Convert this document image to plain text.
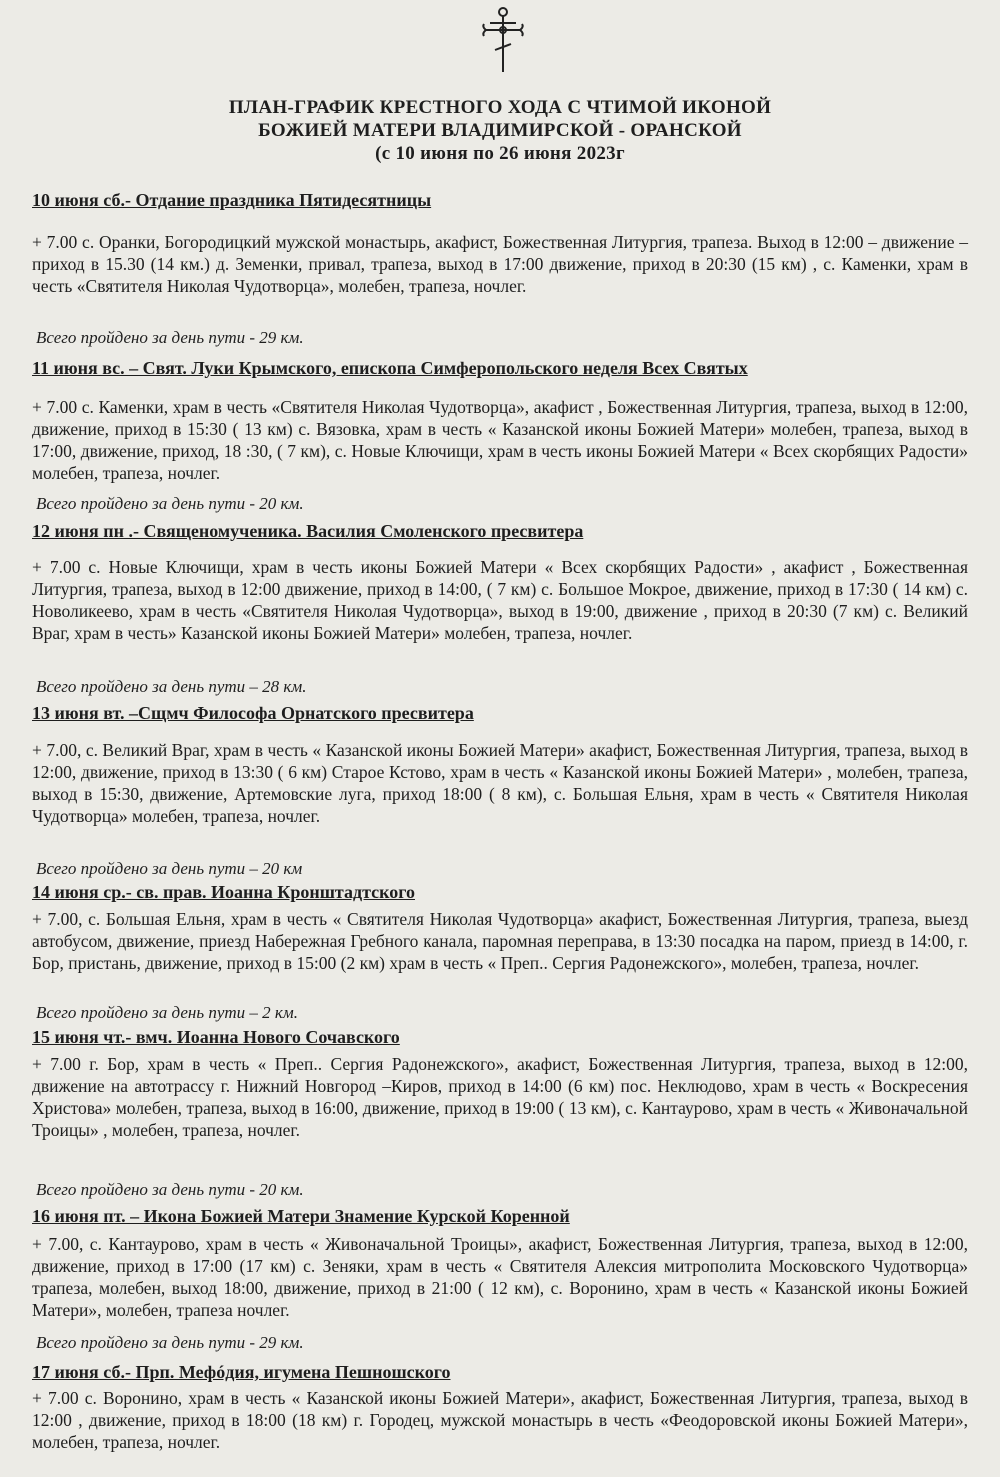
ПЛАН-ГРАФИК КРЕСТНОГО ХОДА С ЧТИМОЙ ИКОНОЙ
БОЖИЕЙ МАТЕРИ ВЛАДИМИРСКОЙ - ОРАНСКОЙ
(с 10 июня по 26 июня 2023г
10 июня сб.- Отдание праздника Пятидесятницы
+ 7.00 с. Оранки, Богородицкий мужской монастырь, акафист, Божественная Литургия, трапеза. Выход в 12:00 – движение – приход в 15.30 (14 км.) д. Земенки, привал, трапеза, выход в 17:00 движение, приход в 20:30 (15 км) , с. Каменки, храм в честь «Святителя Николая Чудотворца», молебен, трапеза, ночлег.
Всего пройдено за день пути - 29 км.
11 июня вс. – Свят. Луки Крымского, епископа Симферопольского неделя Всех Святых
+ 7.00 с. Каменки, храм в честь «Святителя Николая Чудотворца», акафист , Божественная Литургия, трапеза, выход в 12:00, движение, приход в 15:30 ( 13 км) с. Вязовка, храм в честь « Казанской иконы Божией Матери» молебен, трапеза, выход в 17:00, движение, приход, 18 :30, ( 7 км), с. Новые Ключищи, храм в честь иконы Божией Матери « Всех скорбящих Радости» молебен, трапеза, ночлег.
Всего пройдено за день пути - 20 км.
12 июня пн .- Священомученика. Василия Смоленского пресвитера
+ 7.00 с. Новые Ключищи, храм в честь иконы Божией Матери « Всех скорбящих Радости» , акафист , Божественная Литургия, трапеза, выход в 12:00 движение, приход в 14:00, ( 7 км) с. Большое Мокрое, движение, приход в 17:30 ( 14 км) с. Новоликеево, храм в честь «Святителя Николая Чудотворца», выход в 19:00, движение , приход в 20:30 (7 км) с. Великий Враг, храм в честь» Казанской иконы Божией Матери» молебен, трапеза, ночлег.
Всего пройдено за день пути – 28 км.
13 июня вт. –Сщмч Философа Орнатского пресвитера
+ 7.00, с. Великий Враг, храм в честь « Казанской иконы Божией Матери» акафист, Божественная Литургия, трапеза, выход в 12:00, движение, приход в 13:30 ( 6 км) Старое Кстово, храм в честь « Казанской иконы Божией Матери» , молебен, трапеза, выход в 15:30, движение, Артемовские луга, приход 18:00 ( 8 км), с. Большая Ельня, храм в честь « Святителя Николая Чудотворца» молебен, трапеза, ночлег.
Всего пройдено за день пути – 20 км
14 июня ср.- св. прав. Иоанна Кронштадтского
+ 7.00, с. Большая Ельня, храм в честь « Святителя Николая Чудотворца» акафист, Божественная Литургия, трапеза, выезд автобусом, движение, приезд Набережная Гребного канала, паромная переправа, в 13:30 посадка на паром, приезд в 14:00, г. Бор, пристань, движение, приход в 15:00 (2 км) храм в честь « Преп.. Сергия Радонежского», молебен, трапеза, ночлег.
Всего пройдено за день пути – 2 км.
15 июня чт.- вмч. Иоанна Нового Сочавского
+ 7.00 г. Бор, храм в честь « Преп.. Сергия Радонежского», акафист, Божественная Литургия, трапеза, выход в 12:00, движение на автотрассу г. Нижний Новгород –Киров, приход в 14:00 (6 км) пос. Неклюдово, храм в честь « Воскресения Христова» молебен, трапеза, выход в 16:00, движение, приход в 19:00 ( 13 км), с. Кантаурово, храм в честь « Живоначальной Троицы» , молебен, трапеза, ночлег.
Всего пройдено за день пути - 20 км.
16 июня пт. – Икона Божией Матери Знамение Курской Коренной
+ 7.00, с. Кантаурово, храм в честь « Живоначальной Троицы», акафист, Божественная Литургия, трапеза, выход в 12:00, движение, приход в 17:00 (17 км) с. Зеняки, храм в честь « Святителя Алексия митрополита Московского Чудотворца» трапеза, молебен, выход 18:00, движение, приход в 21:00 ( 12 км), с. Воронино, храм в честь « Казанской иконы Божией Матери», молебен, трапеза ночлег.
Всего пройдено за день пути - 29 км.
17 июня сб.- Прп. Мефóдия, игумена Пешношского
+ 7.00 с. Воронино, храм в честь « Казанской иконы Божией Матери», акафист, Божественная Литургия, трапеза, выход в 12:00 , движение, приход в 18:00 (18 км) г. Городец, мужской монастырь в честь «Феодоровской иконы Божией Матери», молебен, трапеза, ночлег.
